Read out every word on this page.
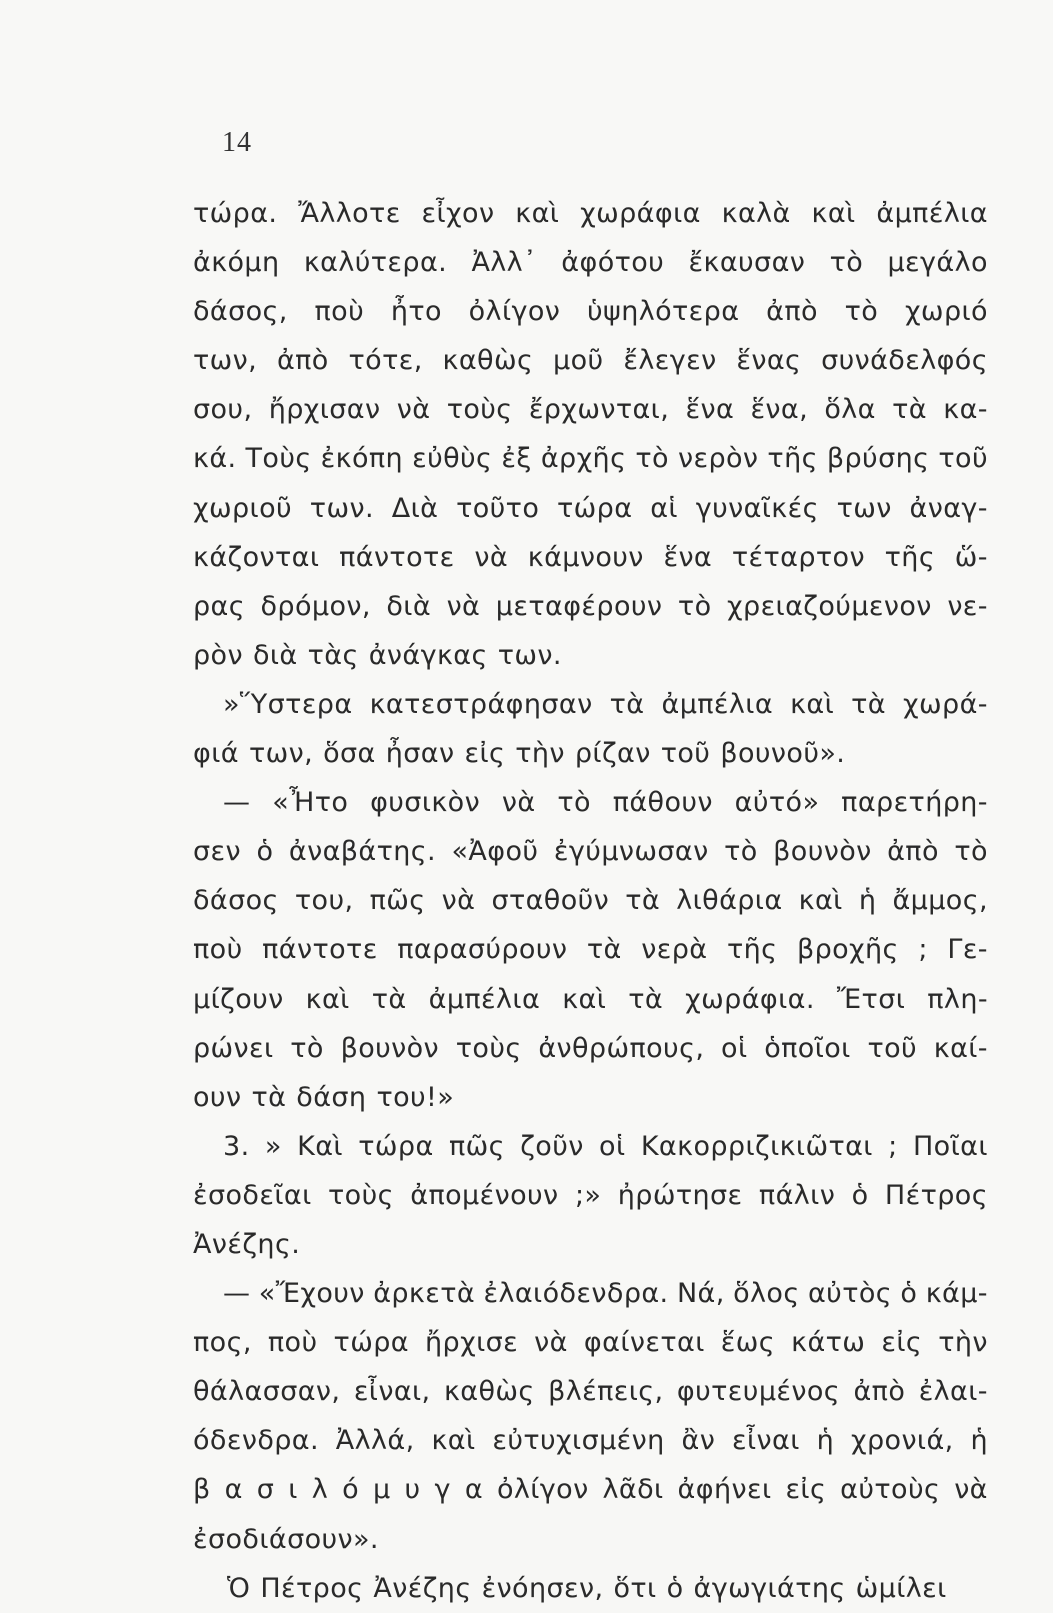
14
τώρα. Ἄλλοτε εἶχον καὶ χωράφια καλὰ καὶ ἀμπέλια
ἀκόμη καλύτερα. Ἀλλ᾽ ἀφότου ἔκαυσαν τὸ μεγάλο
δάσος, ποὺ ἦτο ὀλίγον ὑψηλότερα ἀπὸ τὸ χωριό
των, ἀπὸ τότε, καθὼς μοῦ ἔλεγεν ἕνας συνάδελφός
σου, ἤρχισαν νὰ τοὺς ἔρχωνται, ἕνα ἕνα, ὅλα τὰ κα-
κά. Τοὺς ἐκόπη εὐθὺς ἐξ ἀρχῆς τὸ νερὸν τῆς βρύσης τοῦ
χωριοῦ των. Διὰ τοῦτο τώρα αἱ γυναῖκές των ἀναγ-
κάζονται πάντοτε νὰ κάμνουν ἕνα τέταρτον τῆς ὥ-
ρας δρόμον, διὰ νὰ μεταφέρουν τὸ χρειαζούμενον νε-
ρὸν διὰ τὰς ἀνάγκας των.
»Ὕστερα κατεστράφησαν τὰ ἀμπέλια καὶ τὰ χωρά-
φιά των, ὅσα ἦσαν εἰς τὴν ρίζαν τοῦ βουνοῦ».
— «Ἦτο φυσικὸν νὰ τὸ πάθουν αὐτό» παρετήρη-
σεν ὁ ἀναβάτης. «Ἀφοῦ ἐγύμνωσαν τὸ βουνὸν ἀπὸ τὸ
δάσος του, πῶς νὰ σταθοῦν τὰ λιθάρια καὶ ἡ ἄμμος,
ποὺ πάντοτε παρασύρουν τὰ νερὰ τῆς βροχῆς ; Γε-
μίζουν καὶ τὰ ἀμπέλια καὶ τὰ χωράφια. Ἔτσι πλη-
ρώνει τὸ βουνὸν τοὺς ἀνθρώπους, οἱ ὁποῖοι τοῦ καί-
ουν τὰ δάση του!»
3. » Καὶ τώρα πῶς ζοῦν οἱ Κακορριζικιῶται ; Ποῖαι
ἐσοδεῖαι τοὺς ἀπομένουν ;» ἠρώτησε πάλιν ὁ Πέτρος
Ἀνέζης.
— «Ἔχουν ἀρκετὰ ἐλαιόδενδρα. Νά, ὅλος αὐτὸς ὁ κάμ-
πος, ποὺ τώρα ἤρχισε νὰ φαίνεται ἕως κάτω εἰς τὴν
θάλασσαν, εἶναι, καθὼς βλέπεις, φυτευμένος ἀπὸ ἐλαι-
όδενδρα. Ἀλλά, καὶ εὐτυχισμένη ἂν εἶναι ἡ χρονιά, ἡ
β α σ ι λ ό μ υ γ α ὀλίγον λᾶδι ἀφήνει εἰς αὐτοὺς νὰ
ἐσοδιάσουν».
Ὁ Πέτρος Ἀνέζης ἐνόησεν, ὅτι ὁ ἀγωγιάτης ὡμίλει
